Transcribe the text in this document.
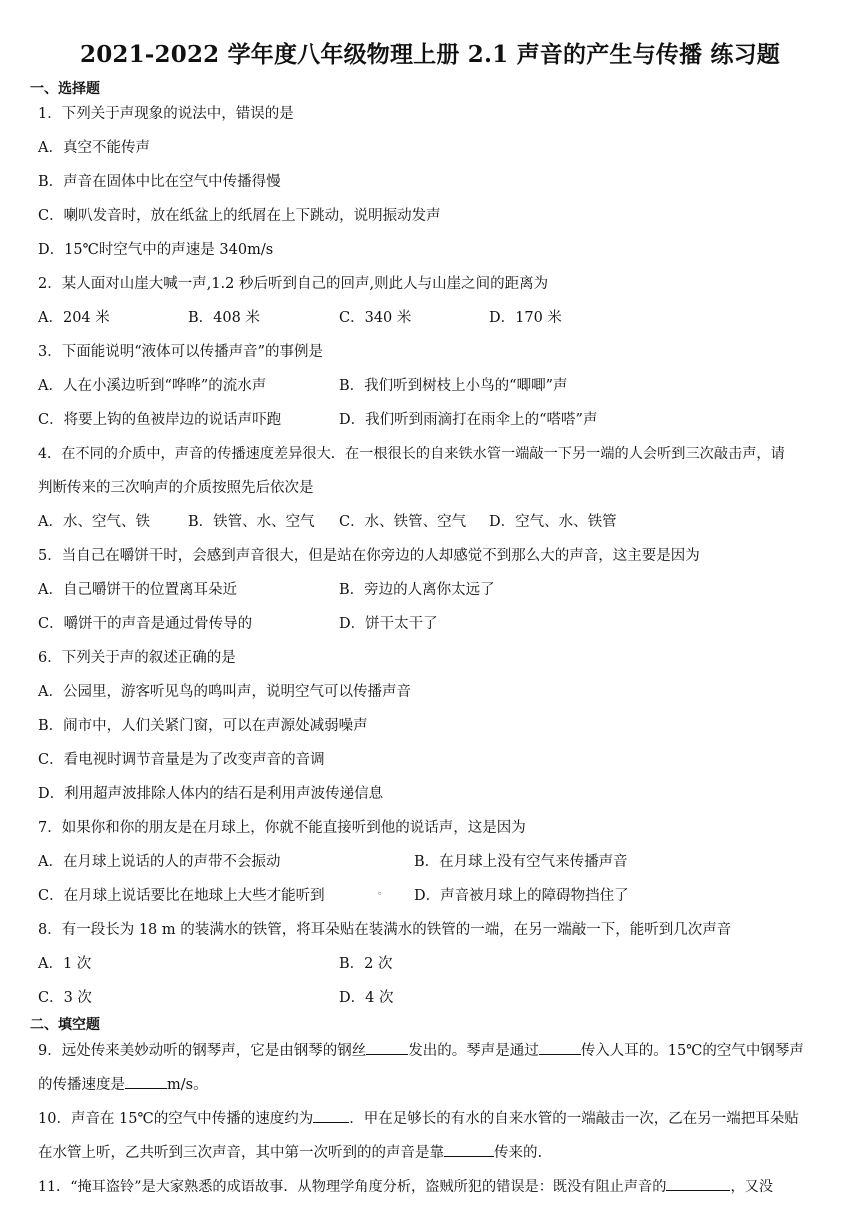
2021-2022 学年度八年级物理上册 2.1 声音的产生与传播 练习题
一、选择题
1．下列关于声现象的说法中，错误的是
A．真空不能传声
B．声音在固体中比在空气中传播得慢
C．喇叭发音时，放在纸盆上的纸屑在上下跳动，说明振动发声
D．15℃时空气中的声速是 340m/s
2．某人面对山崖大喊一声,1.2 秒后听到自己的回声,则此人与山崖之间的距离为
A．204 米	B．408 米	C．340 米	D．170 米
3．下面能说明“液体可以传播声音”的事例是
A．人在小溪边听到“哗哗”的流水声	B．我们听到树枝上小鸟的“唧唧”声
C．将要上钩的鱼被岸边的说话声吓跑	D．我们听到雨滴打在雨伞上的“嗒嗒”声
4．在不同的介质中，声音的传播速度差异很大．在一根很长的自来铁水管一端敲一下另一端的人会听到三次敲击声，请
判断传来的三次响声的介质按照先后依次是
A．水、空气、铁	B．铁管、水、空气 C．水、铁管、空气 D．空气、水、铁管
5．当自己在嚼饼干时，会感到声音很大，但是站在你旁边的人却感觉不到那么大的声音，这主要是因为
A．自己嚼饼干的位置离耳朵近	B．旁边的人离你太远了
C．嚼饼干的声音是通过骨传导的	D．饼干太干了
6．下列关于声的叙述正确的是
A．公园里，游客听见鸟的鸣叫声，说明空气可以传播声音
B．闹市中，人们关紧门窗，可以在声源处减弱噪声
C．看电视时调节音量是为了改变声音的音调
D．利用超声波排除人体内的结石是利用声波传递信息
7．如果你和你的朋友是在月球上，你就不能直接听到他的说话声，这是因为
A．在月球上说话的人的声带不会振动	B．在月球上没有空气来传播声音
C．在月球上说话要比在地球上大些才能听到	。 D．声音被月球上的障碍物挡住了
8．有一段长为 18 m 的装满水的铁管，将耳朵贴在装满水的铁管的一端，在另一端敲一下，能听到几次声音
A．1 次	B．2 次
C．3 次	D．4 次
二、填空题
9．远处传来美妙动听的钢琴声，它是由钢琴的钢丝	发出的。琴声是通过	传入人耳的。15℃的空气中钢琴声
的传播速度是	m/s。
10．声音在 15℃的空气中传播的速度约为 ．甲在足够长的有水的自来水管的一端敲击一次，乙在另一端把耳朵贴
在水管上听，乙共听到三次声音，其中第一次听到的的声音是靠	传来的.
11．“掩耳盗铃”是大家熟悉的成语故事．从物理学角度分析，盗贼所犯的错误是：既没有阻止声音的	，又没
